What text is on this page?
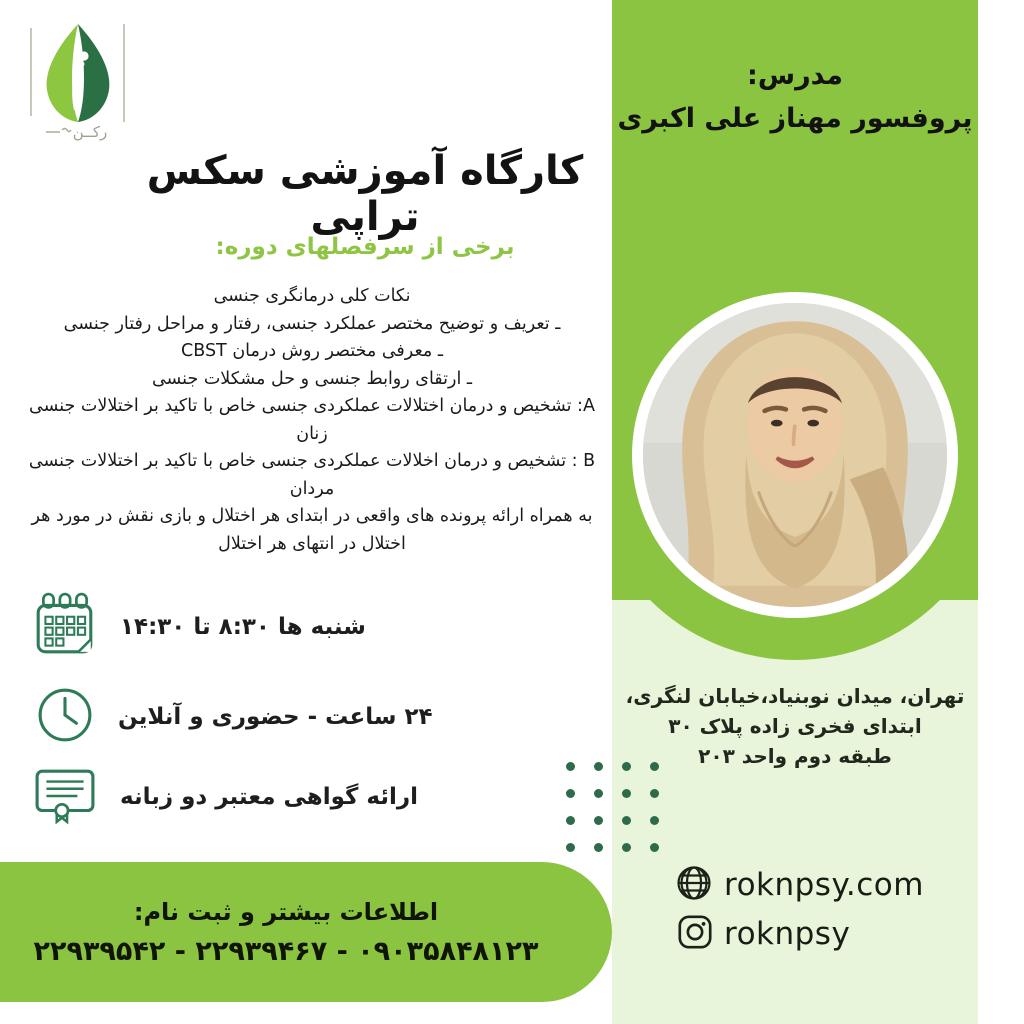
مدرس:
پروفسور مهناز علی اکبری
تهران، میدان نوبنیاد،خیابان لنگری،
ابتدای فخری زاده پلاک ۳۰
طبقه دوم واحد ۲۰۳
roknpsy.com
roknpsy
رکــن
کارگاه آموزشی سکس تراپی
برخی از سرفصلهای دوره:
نکات کلی درمانگری جنسی
ـ تعریف و توضیح مختصر عملکرد جنسی، رفتار و مراحل رفتار جنسی
ـ معرفی مختصر روش درمان CBST
ـ ارتقای روابط جنسی و حل مشکلات جنسی
A: تشخیص و درمان اختلالات عملکردی جنسی خاص با تاکید بر اختلالات جنسی زنان
B : تشخیص و درمان اخلالات عملکردی جنسی خاص با تاکید بر اختلالات جنسی مردان
به همراه ارائه پرونده های واقعی در ابتدای هر اختلال و بازی نقش در مورد هر اختلال در انتهای هر اختلال
شنبه ها ۸:۳۰ تا ۱۴:۳۰
۲۴ ساعت - حضوری و آنلاین
ارائه گواهی معتبر دو زبانه
اطلاعات بیشتر و ثبت نام:
۲۲۹۳۹۵۴۲ - ۲۲۹۳۹۴۶۷ - ۰۹۰۳۵۸۴۸۱۲۳
